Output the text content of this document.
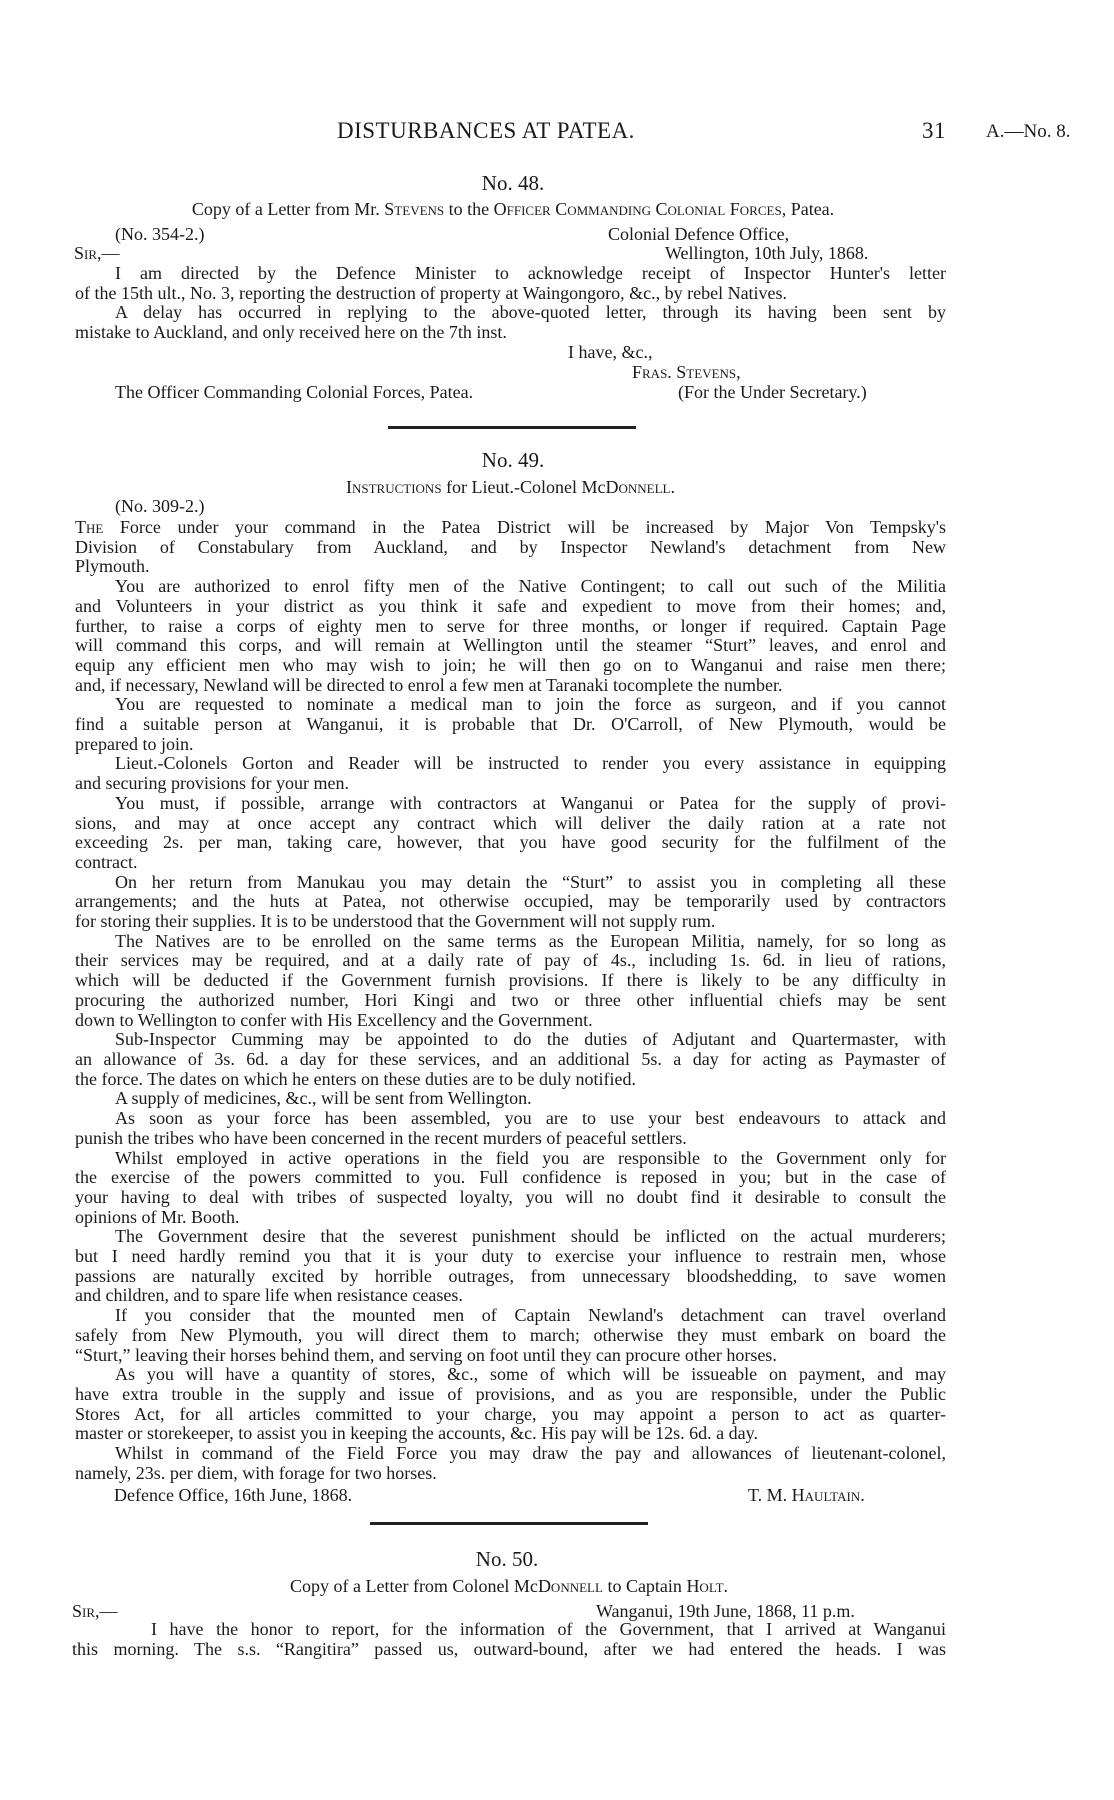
DISTURBANCES AT PATEA.	31 A.—No. 8.
No. 48.
Copy of a Letter from Mr. Stevens to the Officer Commanding Colonial Forces, Patea.
(No. 354-2.)	Colonial Defence Office,
Sir,—	Wellington, 10th July, 1868.
I am directed by the Defence Minister to acknowledge receipt of Inspector Hunter's letter
of the 15th ult., No. 3, reporting the destruction of property at Waingongoro, &c., by rebel Natives.
A delay has occurred in replying to the above-quoted letter, through its having been sent by
mistake to Auckland, and only received here on the 7th inst.
I have, &c.,
Fras. Stevens,
The Officer Commanding Colonial Forces, Patea.	(For the Under Secretary.)
No. 49.
Instructions for Lieut.-Colonel McDonnell.
(No. 309-2.)
The Force under your command in the Patea District will be increased by Major Von Tempsky's
Division of Constabulary from Auckland, and by Inspector Newland's detachment from New
Plymouth.
You are authorized to enrol fifty men of the Native Contingent; to call out such of the Militia
and Volunteers in your district as you think it safe and expedient to move from their homes; and,
further, to raise a corps of eighty men to serve for three months, or longer if required. Captain Page
will command this corps, and will remain at Wellington until the steamer “Sturt” leaves, and enrol and
equip any efficient men who may wish to join; he will then go on to Wanganui and raise men there;
and, if necessary, Newland will be directed to enrol a few men at Taranaki tocomplete the number.
You are requested to nominate a medical man to join the force as surgeon, and if you cannot
find a suitable person at Wanganui, it is probable that Dr. O'Carroll, of New Plymouth, would be
prepared to join.
Lieut.-Colonels Gorton and Reader will be instructed to render you every assistance in equipping
and securing provisions for your men.
You must, if possible, arrange with contractors at Wanganui or Patea for the supply of provi-
sions, and may at once accept any contract which will deliver the daily ration at a rate not
exceeding 2s. per man, taking care, however, that you have good security for the fulfilment of the
contract.
On her return from Manukau you may detain the “Sturt” to assist you in completing all these
arrangements; and the huts at Patea, not otherwise occupied, may be temporarily used by contractors
for storing their supplies. It is to be understood that the Government will not supply rum.
The Natives are to be enrolled on the same terms as the European Militia, namely, for so long as
their services may be required, and at a daily rate of pay of 4s., including 1s. 6d. in lieu of rations,
which will be deducted if the Government furnish provisions. If there is likely to be any difficulty in
procuring the authorized number, Hori Kingi and two or three other influential chiefs may be sent
down to Wellington to confer with His Excellency and the Government.
Sub-Inspector Cumming may be appointed to do the duties of Adjutant and Quartermaster, with
an allowance of 3s. 6d. a day for these services, and an additional 5s. a day for acting as Paymaster of
the force. The dates on which he enters on these duties are to be duly notified.
A supply of medicines, &c., will be sent from Wellington.
As soon as your force has been assembled, you are to use your best endeavours to attack and
punish the tribes who have been concerned in the recent murders of peaceful settlers.
Whilst employed in active operations in the field you are responsible to the Government only for
the exercise of the powers committed to you. Full confidence is reposed in you; but in the case of
your having to deal with tribes of suspected loyalty, you will no doubt find it desirable to consult the
opinions of Mr. Booth.
The Government desire that the severest punishment should be inflicted on the actual murderers;
but I need hardly remind you that it is your duty to exercise your influence to restrain men, whose
passions are naturally excited by horrible outrages, from unnecessary bloodshedding, to save women
and children, and to spare life when resistance ceases.
If you consider that the mounted men of Captain Newland's detachment can travel overland
safely from New Plymouth, you will direct them to march; otherwise they must embark on board the
“Sturt,” leaving their horses behind them, and serving on foot until they can procure other horses.
As you will have a quantity of stores, &c., some of which will be issueable on payment, and may
have extra trouble in the supply and issue of provisions, and as you are responsible, under the Public
Stores Act, for all articles committed to your charge, you may appoint a person to act as quarter-
master or storekeeper, to assist you in keeping the accounts, &c. His pay will be 12s. 6d. a day.
Whilst in command of the Field Force you may draw the pay and allowances of lieutenant-colonel,
namely, 23s. per diem, with forage for two horses.
Defence Office, 16th June, 1868.	T. M. Haultain.
No. 50.
Copy of a Letter from Colonel McDonnell to Captain Holt.
Sir,—	Wanganui, 19th June, 1868, 11 p.m.
I have the honor to report, for the information of the Government, that I arrived at Wanganui
this morning. The s.s. “Rangitira” passed us, outward-bound, after we had entered the heads. I was
